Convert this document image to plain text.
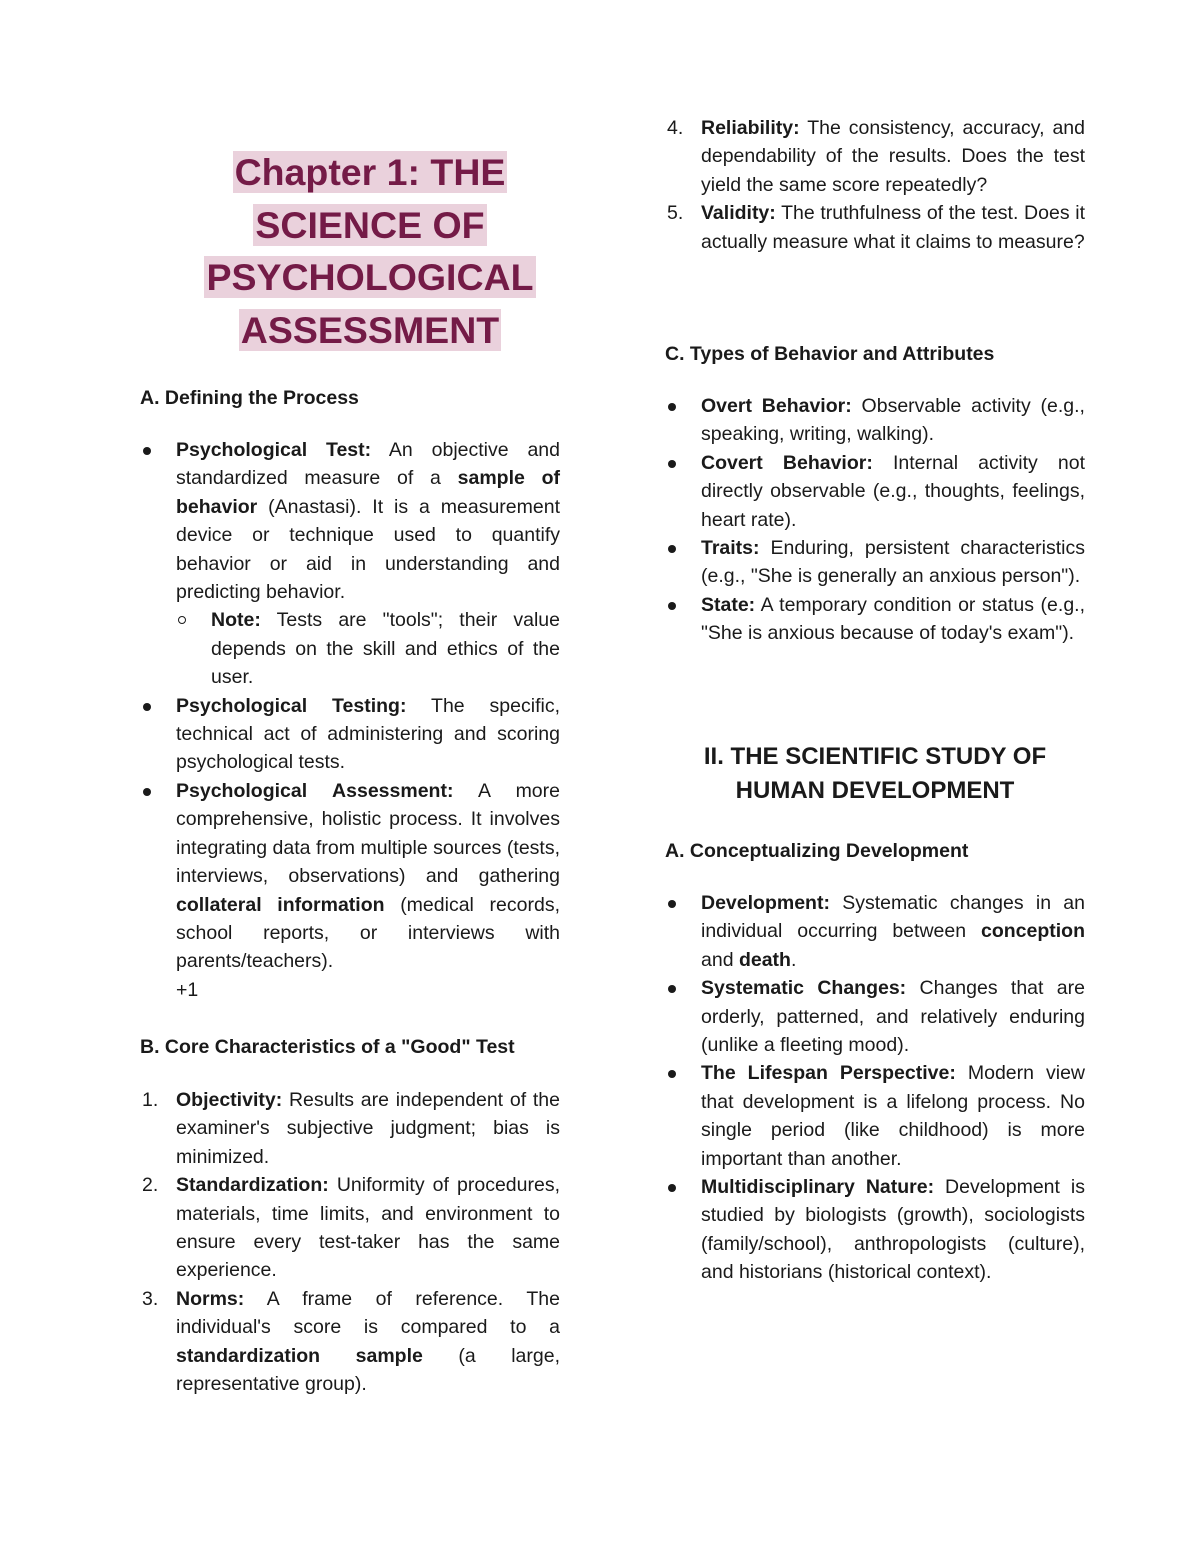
Chapter 1: THE
SCIENCE OF
PSYCHOLOGICAL
ASSESSMENT
A. Defining the Process
Psychological Test: An objective and standardized measure of a sample of behavior (Anastasi). It is a measurement device or technique used to quantify behavior or aid in understanding and predicting behavior.
Note: Tests are "tools"; their value depends on the skill and ethics of the user.
Psychological Testing: The specific, technical act of administering and scoring psychological tests.
Psychological Assessment: A more comprehensive, holistic process. It involves integrating data from multiple sources (tests, interviews, observations) and gathering collateral information (medical records, school reports, or interviews with parents/teachers).
+1
B. Core Characteristics of a "Good" Test
1. Objectivity: Results are independent of the examiner's subjective judgment; bias is minimized.
2. Standardization: Uniformity of procedures, materials, time limits, and environment to ensure every test-taker has the same experience.
3. Norms: A frame of reference. The individual's score is compared to a standardization sample (a large, representative group).
4. Reliability: The consistency, accuracy, and dependability of the results. Does the test yield the same score repeatedly?
5. Validity: The truthfulness of the test. Does it actually measure what it claims to measure?
C. Types of Behavior and Attributes
Overt Behavior: Observable activity (e.g., speaking, writing, walking).
Covert Behavior: Internal activity not directly observable (e.g., thoughts, feelings, heart rate).
Traits: Enduring, persistent characteristics (e.g., "She is generally an anxious person").
State: A temporary condition or status (e.g., "She is anxious because of today's exam").
II. THE SCIENTIFIC STUDY OF
HUMAN DEVELOPMENT
A. Conceptualizing Development
Development: Systematic changes in an individual occurring between conception and death.
Systematic Changes: Changes that are orderly, patterned, and relatively enduring (unlike a fleeting mood).
The Lifespan Perspective: Modern view that development is a lifelong process. No single period (like childhood) is more important than another.
Multidisciplinary Nature: Development is studied by biologists (growth), sociologists (family/school), anthropologists (culture), and historians (historical context).
